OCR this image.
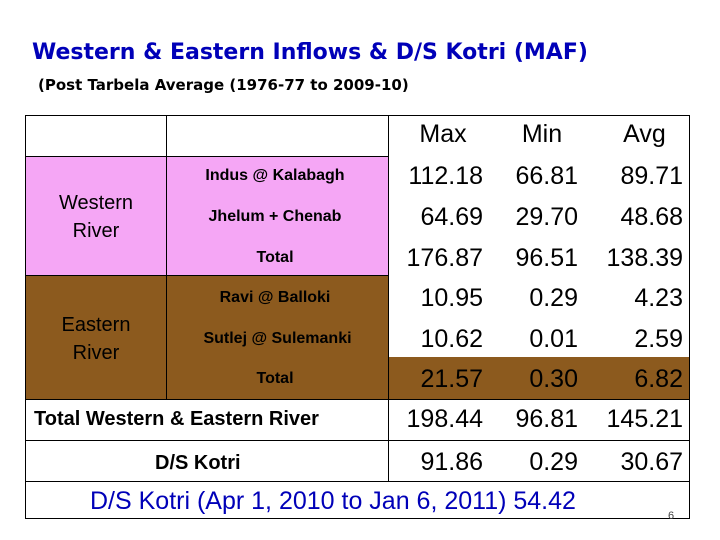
Western & Eastern Inflows & D/S Kotri (MAF)
(Post Tarbela Average (1976-77 to 2009-10)
Max	Min	Avg
Western River
Eastern River
Indus @ Kalabagh	112.18	66.81	89.71
Jhelum + Chenab	64.69	29.70	48.68
Total	176.87	96.51	138.39
Ravi @ Balloki	10.95	0.29	4.23
Sutlej @ Sulemanki	10.62	0.01	2.59
Total	21.57	0.30	6.82
Total Western & Eastern River	198.44	96.81	145.21
D/S Kotri	91.86	0.29	30.67
D/S Kotri (Apr 1, 2010 to Jan 6, 2011) 54.42
6
